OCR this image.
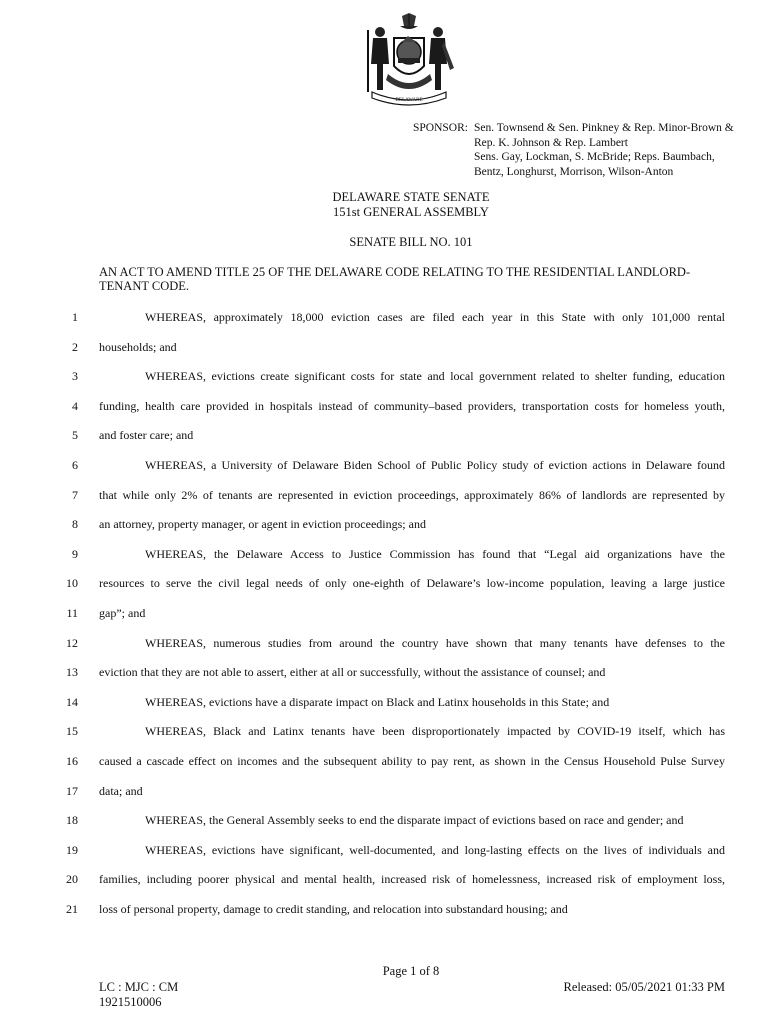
DELAWARE
SPONSOR: Sen. Townsend & Sen. Pinkney & Rep. Minor-Brown &
Rep. K. Johnson & Rep. Lambert
Sens. Gay, Lockman, S. McBride; Reps. Baumbach,
Bentz, Longhurst, Morrison, Wilson-Anton
DELAWARE STATE SENATE
151st GENERAL ASSEMBLY
SENATE BILL NO. 101
AN ACT TO AMEND TITLE 25 OF THE DELAWARE CODE RELATING TO THE RESIDENTIAL LANDLORD-TENANT CODE.
1	WHEREAS, approximately 18,000 eviction cases are filed each year in this State with only 101,000 rental
2 households; and
3	WHEREAS, evictions create significant costs for state and local government related to shelter funding, education
4 funding, health care provided in hospitals instead of community–based providers, transportation costs for homeless youth,
5 and foster care; and
6	WHEREAS, a University of Delaware Biden School of Public Policy study of eviction actions in Delaware found
7 that while only 2% of tenants are represented in eviction proceedings, approximately 86% of landlords are represented by
8 an attorney, property manager, or agent in eviction proceedings; and
9	WHEREAS, the Delaware Access to Justice Commission has found that “Legal aid organizations have the
10 resources to serve the civil legal needs of only one-eighth of Delaware’s low-income population, leaving a large justice
11 gap”; and
12	WHEREAS, numerous studies from around the country have shown that many tenants have defenses to the
13 eviction that they are not able to assert, either at all or successfully, without the assistance of counsel; and
14	WHEREAS, evictions have a disparate impact on Black and Latinx households in this State; and
15	WHEREAS, Black and Latinx tenants have been disproportionately impacted by COVID-19 itself, which has
16 caused a cascade effect on incomes and the subsequent ability to pay rent, as shown in the Census Household Pulse Survey
17 data; and
18	WHEREAS, the General Assembly seeks to end the disparate impact of evictions based on race and gender; and
19	WHEREAS, evictions have significant, well-documented, and long-lasting effects on the lives of individuals and
20 families, including poorer physical and mental health, increased risk of homelessness, increased risk of employment loss,
21 loss of personal property, damage to credit standing, and relocation into substandard housing; and
Page 1 of 8
LC : MJC : CM
1921510006
Released: 05/05/2021 01:33 PM
